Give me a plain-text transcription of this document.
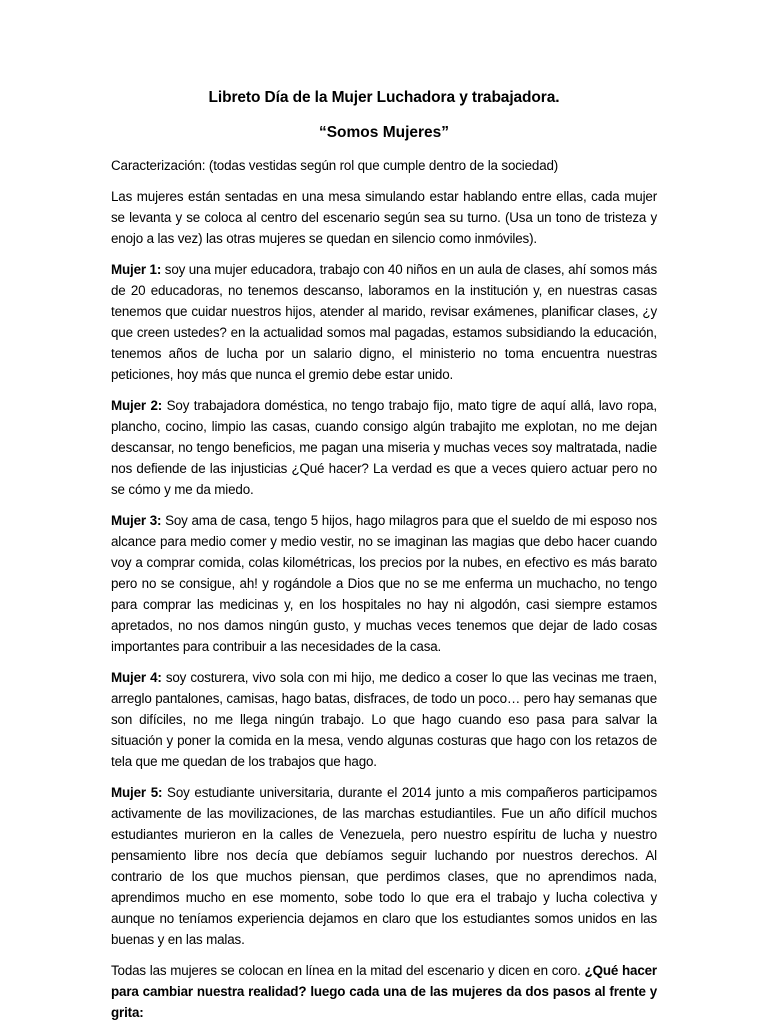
Libreto Día de la Mujer Luchadora y trabajadora.
“Somos Mujeres”

Caracterización: (todas vestidas según rol que cumple dentro de la sociedad)

Las mujeres están sentadas en una mesa simulando estar hablando entre ellas, cada mujer se levanta y se coloca al centro del escenario según sea su turno. (Usa un tono de tristeza y enojo a las vez) las otras mujeres se quedan en silencio como inmóviles).

Mujer 1: soy una mujer educadora, trabajo con 40 niños en un aula de clases, ahí somos más de 20 educadoras, no tenemos descanso, laboramos en la institución y, en nuestras casas tenemos que cuidar nuestros hijos, atender al marido, revisar exámenes, planificar clases, ¿y que creen ustedes? en la actualidad somos mal pagadas, estamos subsidiando la educación, tenemos años de lucha por un salario digno, el ministerio no toma encuentra nuestras peticiones, hoy más que nunca el gremio debe estar unido.

Mujer 2: Soy trabajadora doméstica, no tengo trabajo fijo, mato tigre de aquí allá, lavo ropa, plancho, cocino, limpio las casas, cuando consigo algún trabajito me explotan, no me dejan descansar, no tengo beneficios, me pagan una miseria y muchas veces soy maltratada, nadie nos defiende de las injusticias ¿Qué hacer? La verdad es que a veces quiero actuar pero no se cómo y me da miedo.

Mujer 3: Soy ama de casa, tengo 5 hijos, hago milagros para que el sueldo de mi esposo nos alcance para medio comer y medio vestir, no se imaginan las magias que debo hacer cuando voy a comprar comida, colas kilométricas, los precios por la nubes, en efectivo es más barato pero no se consigue, ah! y rogándole a Dios que no se me enferma un muchacho, no tengo para comprar las medicinas y, en los hospitales no hay ni algodón, casi siempre estamos apretados, no nos damos ningún gusto, y muchas veces tenemos que dejar de lado cosas importantes para contribuir a las necesidades de la casa.

Mujer 4: soy costurera, vivo sola con mi hijo, me dedico a coser lo que las vecinas me traen, arreglo pantalones, camisas, hago batas, disfraces, de todo un poco… pero hay semanas que son difíciles, no me llega ningún trabajo. Lo que hago cuando eso pasa para salvar la situación y poner la comida en la mesa, vendo algunas costuras que hago con los retazos de tela que me quedan de los trabajos que hago.

Mujer 5: Soy estudiante universitaria, durante el 2014 junto a mis compañeros participamos activamente de las movilizaciones, de las marchas estudiantiles. Fue un año difícil muchos estudiantes murieron en la calles de Venezuela, pero nuestro espíritu de lucha y nuestro pensamiento libre nos decía que debíamos seguir luchando por nuestros derechos. Al contrario de los que muchos piensan, que perdimos clases, que no aprendimos nada, aprendimos mucho en ese momento, sobe todo lo que era el trabajo y lucha colectiva y aunque no teníamos experiencia dejamos en claro que los estudiantes somos unidos en las buenas y en las malas.

Todas las mujeres se colocan en línea en la mitad del escenario y dicen en coro. ¿Qué hacer para cambiar nuestra realidad? luego cada una de las mujeres da dos pasos al frente y grita:
